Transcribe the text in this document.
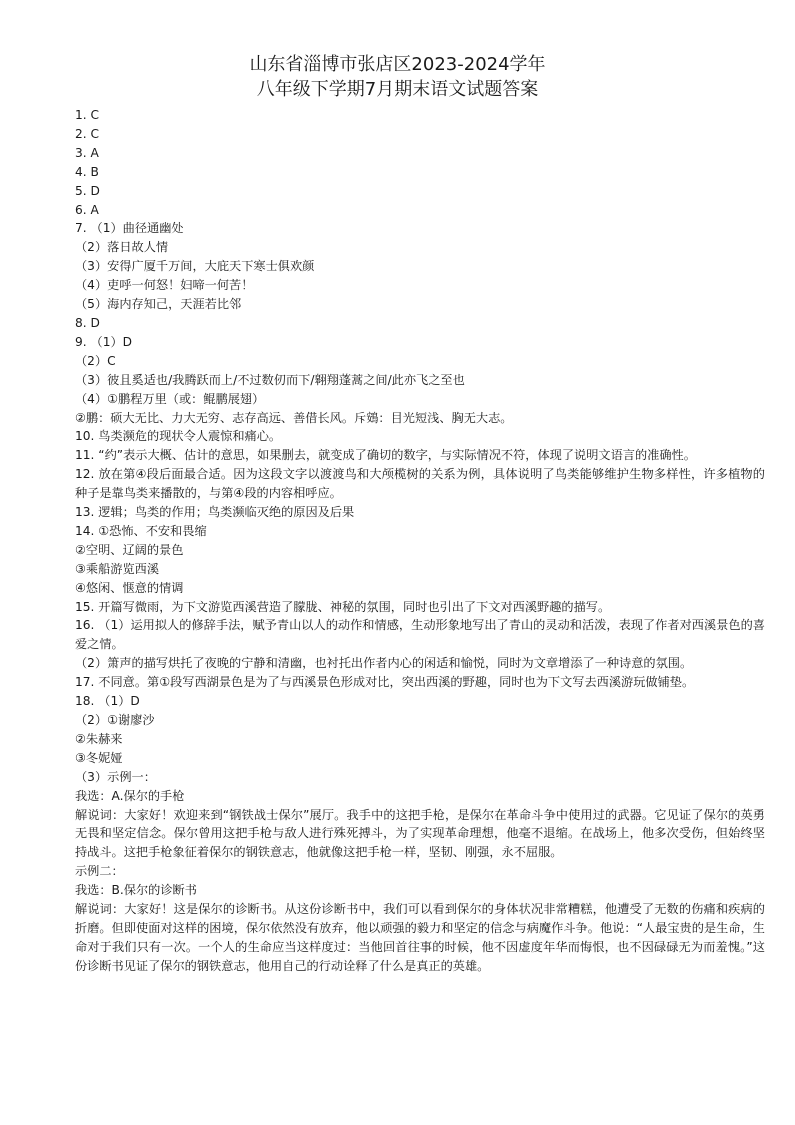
山东省淄博市张店区2023-2024学年
八年级下学期7月期末语文试题答案
1. C
2. C
3. A
4. B
5. D
6. A
7. （1）曲径通幽处
（2）落日故人情
（3）安得广厦千万间，大庇天下寒士俱欢颜
（4）吏呼一何怒！妇啼一何苦！
（5）海内存知己，天涯若比邻
8. D
9. （1）D
（2）C
（3）彼且奚适也/我腾跃而上/不过数仞而下/翱翔蓬蒿之间/此亦飞之至也
（4）①鹏程万里（或：鲲鹏展翅）
②鹏：硕大无比、力大无穷、志存高远、善借长风。斥鴳：目光短浅、胸无大志。
10. 鸟类濒危的现状令人震惊和痛心。
11. “约”表示大概、估计的意思，如果删去，就变成了确切的数字，与实际情况不符，体现了说明文语言的准确性。
12. 放在第④段后面最合适。因为这段文字以渡渡鸟和大颅榄树的关系为例，具体说明了鸟类能够维护生物多样性，许多植物的种子是靠鸟类来播散的，与第④段的内容相呼应。
13. 逻辑；鸟类的作用；鸟类濒临灭绝的原因及后果
14. ①恐怖、不安和畏缩
②空明、辽阔的景色
③乘船游览西溪
④悠闲、惬意的情调
15. 开篇写微雨，为下文游览西溪营造了朦胧、神秘的氛围，同时也引出了下文对西溪野趣的描写。
16. （1）运用拟人的修辞手法，赋予青山以人的动作和情感，生动形象地写出了青山的灵动和活泼，表现了作者对西溪景色的喜爱之情。
（2）箫声的描写烘托了夜晚的宁静和清幽，也衬托出作者内心的闲适和愉悦，同时为文章增添了一种诗意的氛围。
17. 不同意。第①段写西湖景色是为了与西溪景色形成对比，突出西溪的野趣，同时也为下文写去西溪游玩做铺垫。
18. （1）D
（2）①谢廖沙
②朱赫来
③冬妮娅
（3）示例一：
我选：A.保尔的手枪
解说词：大家好！欢迎来到“钢铁战士保尔”展厅。我手中的这把手枪，是保尔在革命斗争中使用过的武器。它见证了保尔的英勇无畏和坚定信念。保尔曾用这把手枪与敌人进行殊死搏斗，为了实现革命理想，他毫不退缩。在战场上，他多次受伤，但始终坚持战斗。这把手枪象征着保尔的钢铁意志，他就像这把手枪一样，坚韧、刚强，永不屈服。
示例二：
我选：B.保尔的诊断书
解说词：大家好！这是保尔的诊断书。从这份诊断书中，我们可以看到保尔的身体状况非常糟糕，他遭受了无数的伤痛和疾病的折磨。但即使面对这样的困境，保尔依然没有放弃，他以顽强的毅力和坚定的信念与病魔作斗争。他说：“人最宝贵的是生命，生命对于我们只有一次。一个人的生命应当这样度过：当他回首往事的时候，他不因虚度年华而悔恨，也不因碌碌无为而羞愧。”这份诊断书见证了保尔的钢铁意志，他用自己的行动诠释了什么是真正的英雄。
